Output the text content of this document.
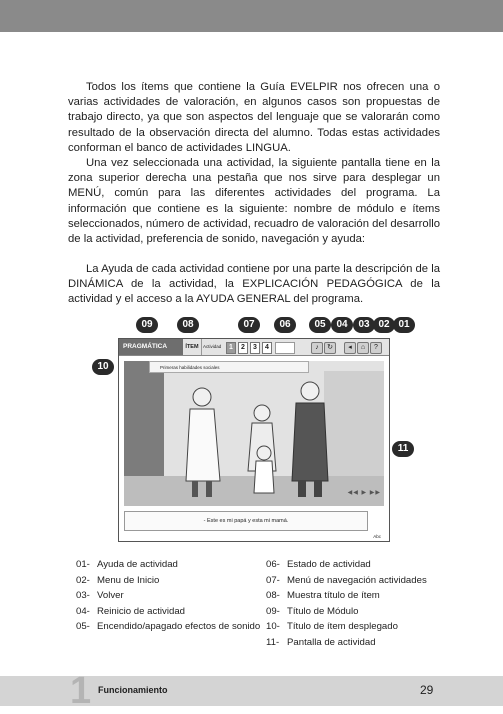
Todos los ítems que contiene la Guía EVELPIR nos ofrecen una o varias actividades de valoración, en algunos casos son propuestas de trabajo directo, ya que son aspectos del lenguaje que se valorarán como resultado de la observación directa del alumno. Todas estas actividades conforman el banco de actividades LINGUA.

Una vez seleccionada una actividad, la siguiente pantalla tiene en la zona superior derecha una pestaña que nos sirve para desplegar un MENÚ, común para las diferentes actividades del programa. La información que contiene es la siguiente: nombre de módulo e ítems seleccionados, número de actividad, recuadro de valoración del desarrollo de la actividad, preferencia de sonido, navegación y ayuda:

La Ayuda de cada actividad contiene por una parte la descripción de la DINÁMICA de la actividad, la EXPLICACIÓN PEDAGÓGICA de la actividad y el acceso a la AYUDA GENERAL del programa.

PRAGMÁTICA	ÍTEM Actividad	1	2	3	4	♪	↻	◂	⌂	?
Primeras habilidades sociales
◀◀ ▶ ▶▶
- Este es mi papá y esta mi mamá.
Abc
09	08	07	06	05	04	03 02 01
10
11
01- Ayuda de actividad
02- Menu de Inicio
03- Volver
04- Reinicio de actividad
05- Encendido/apagado efectos de sonido
06- Estado de actividad
07- Menú de navegación actividades
08- Muestra título de ítem
09- Título de Módulo
10- Título de ítem desplegado
11- Pantalla de actividad
1 Funcionamiento	29
